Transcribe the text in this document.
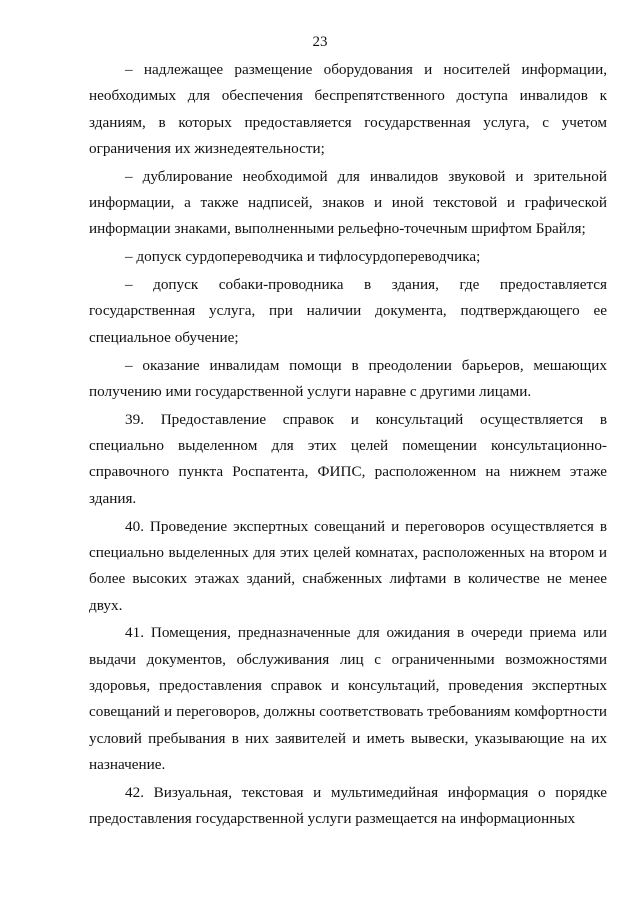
23

– надлежащее размещение оборудования и носителей информации, необходимых для обеспечения беспрепятственного доступа инвалидов к зданиям, в которых предоставляется государственная услуга, с учетом ограничения их жизнедеятельности;

– дублирование необходимой для инвалидов звуковой и зрительной информации, а также надписей, знаков и иной текстовой и графической информации знаками, выполненными рельефно-точечным шрифтом Брайля;

– допуск сурдопереводчика и тифлосурдопереводчика;

– допуск собаки-проводника в здания, где предоставляется государственная услуга, при наличии документа, подтверждающего ее специальное обучение;

– оказание инвалидам помощи в преодолении барьеров, мешающих получению ими государственной услуги наравне с другими лицами.

39. Предоставление справок и консультаций осуществляется в специально выделенном для этих целей помещении консультационно-справочного пункта Роспатента, ФИПС, расположенном на нижнем этаже здания.

40. Проведение экспертных совещаний и переговоров осуществляется в специально выделенных для этих целей комнатах, расположенных на втором и более высоких этажах зданий, снабженных лифтами в количестве не менее двух.

41. Помещения, предназначенные для ожидания в очереди приема или выдачи документов, обслуживания лиц с ограниченными возможностями здоровья, предоставления справок и консультаций, проведения экспертных совещаний и переговоров, должны соответствовать требованиям комфортности условий пребывания в них заявителей и иметь вывески, указывающие на их назначение.

42. Визуальная, текстовая и мультимедийная информация о порядке предоставления государственной услуги размещается на информационных
